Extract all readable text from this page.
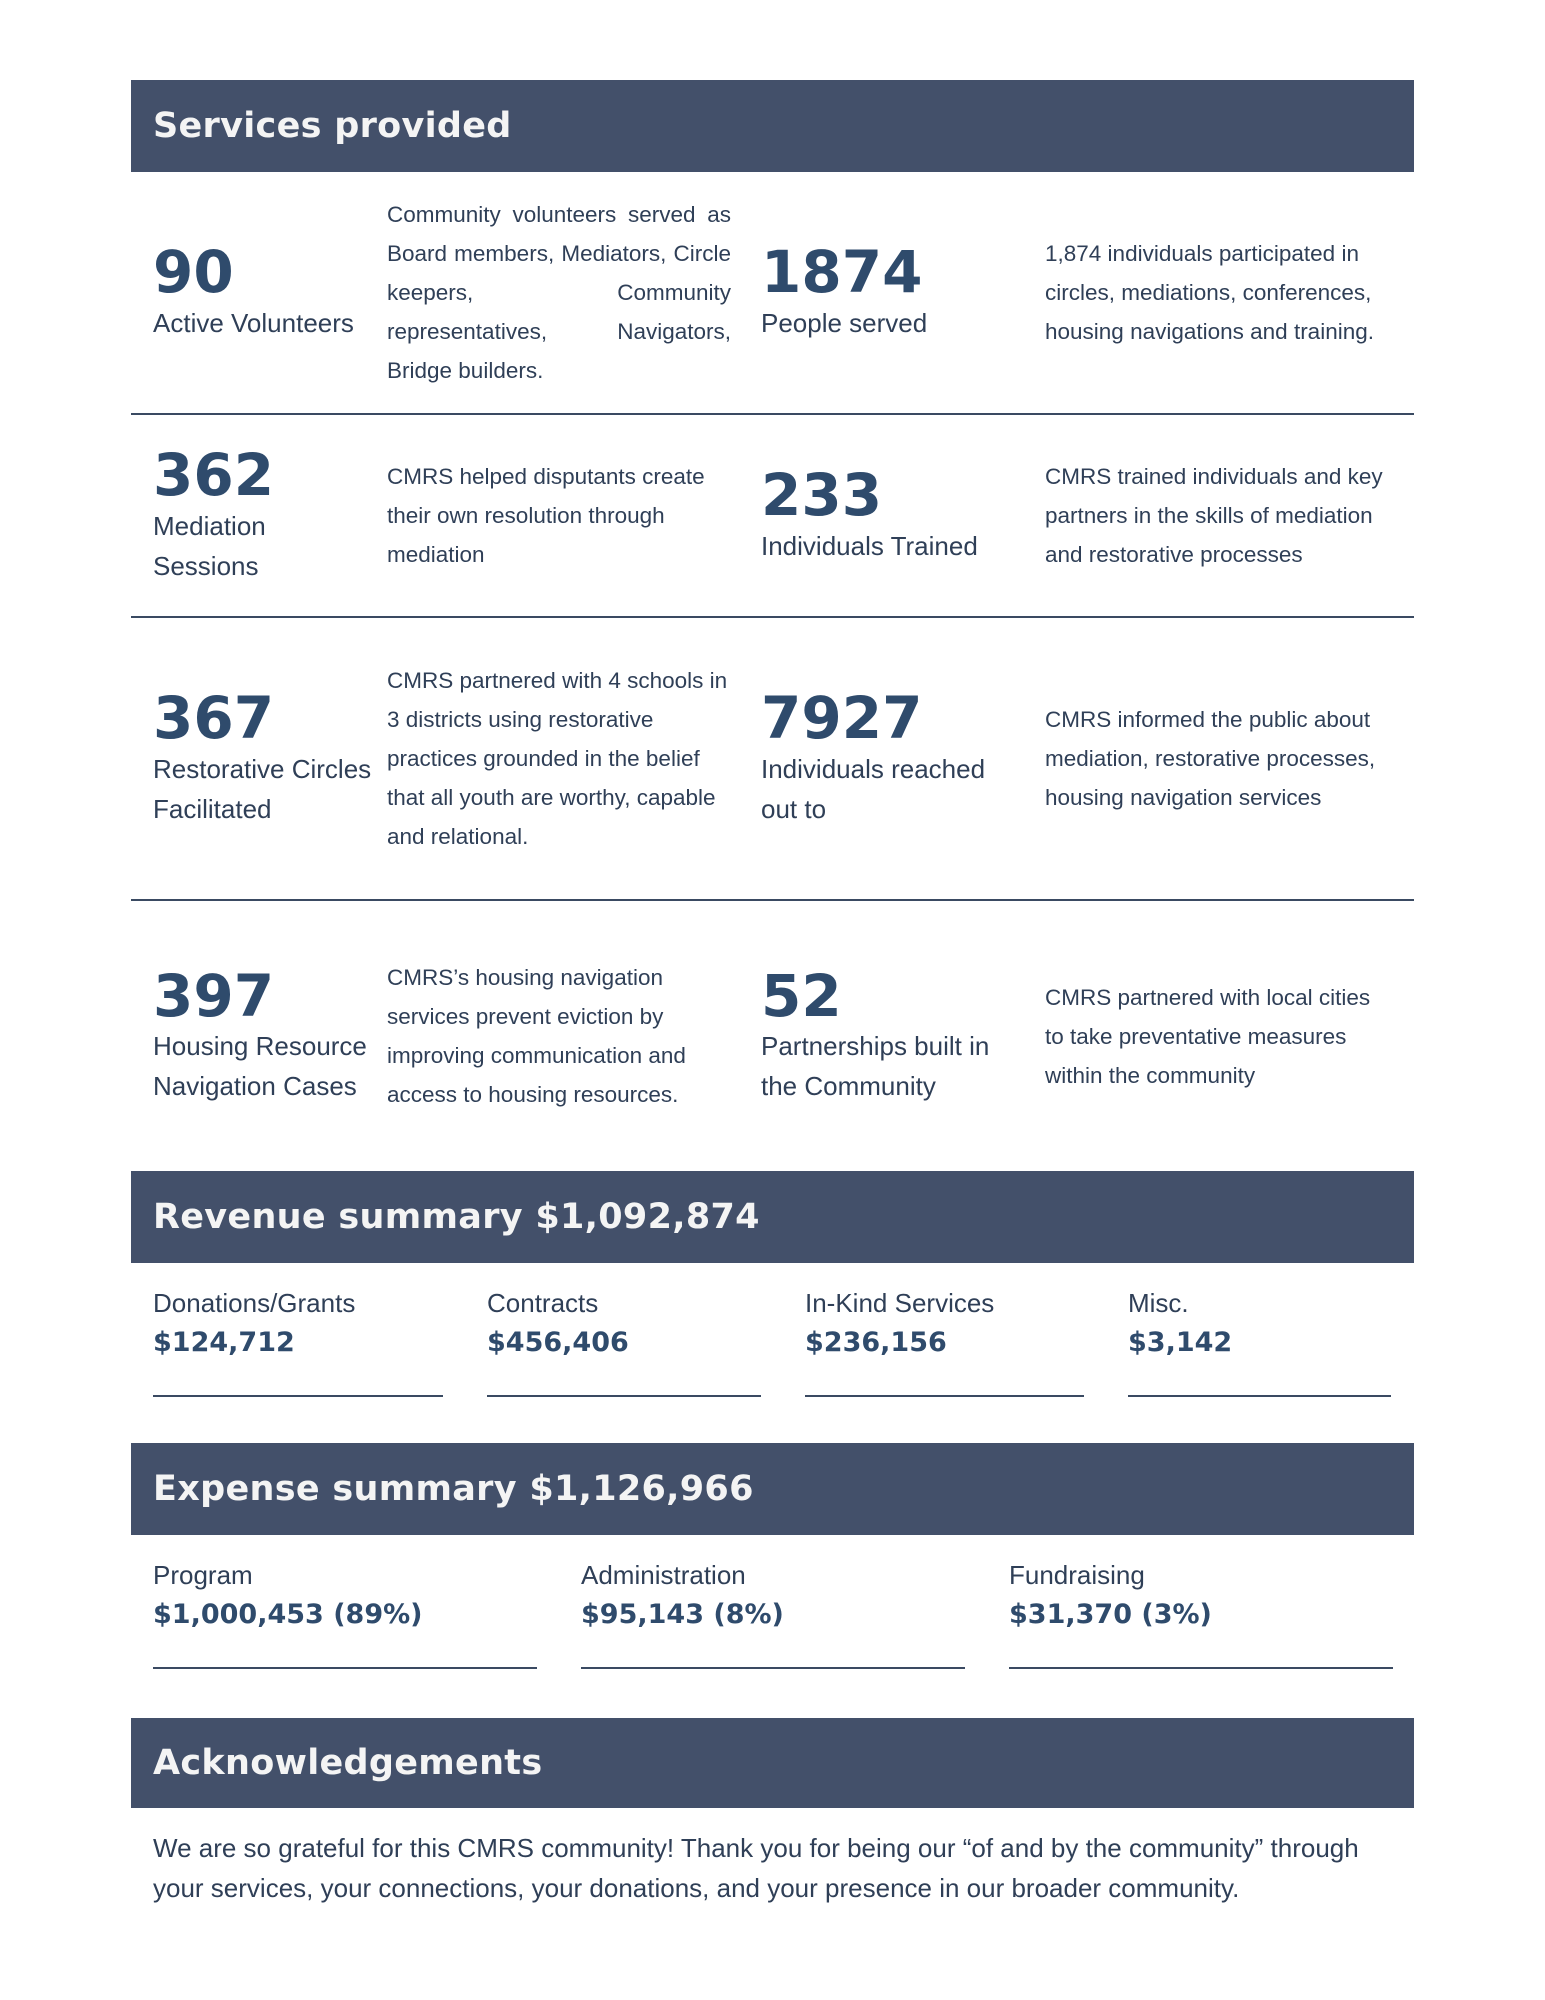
Services provided
90
Active Volunteers
Community volunteers served as Board members, Mediators, Circle keepers, Community representatives, Navigators, Bridge builders.
1874
People served
1,874 individuals participated in circles, mediations, conferences, housing navigations and training.
362
Mediation Sessions
CMRS helped disputants create their own resolution through mediation
233
Individuals Trained
CMRS trained individuals and key partners in the skills of mediation and restorative processes
367
Restorative Circles Facilitated
CMRS partnered with 4 schools in 3 districts using restorative practices grounded in the belief that all youth are worthy, capable and relational.
7927
Individuals reached out to
CMRS informed the public about mediation, restorative processes, housing navigation services
397
Housing Resource Navigation Cases
CMRS’s housing navigation services prevent eviction by improving communication and access to housing resources.
52
Partnerships built in the Community
CMRS partnered with local cities to take preventative measures within the community
Revenue summary $1,092,874
Donations/Grants
$124,712
Contracts
$456,406
In-Kind Services
$236,156
Misc.
$3,142
Expense summary $1,126,966
Program
$1,000,453 (89%)
Administration
$95,143 (8%)
Fundraising
$31,370 (3%)
Acknowledgements
We are so grateful for this CMRS community! Thank you for being our “of and by the community” through your services, your connections, your donations, and your presence in our broader community.
